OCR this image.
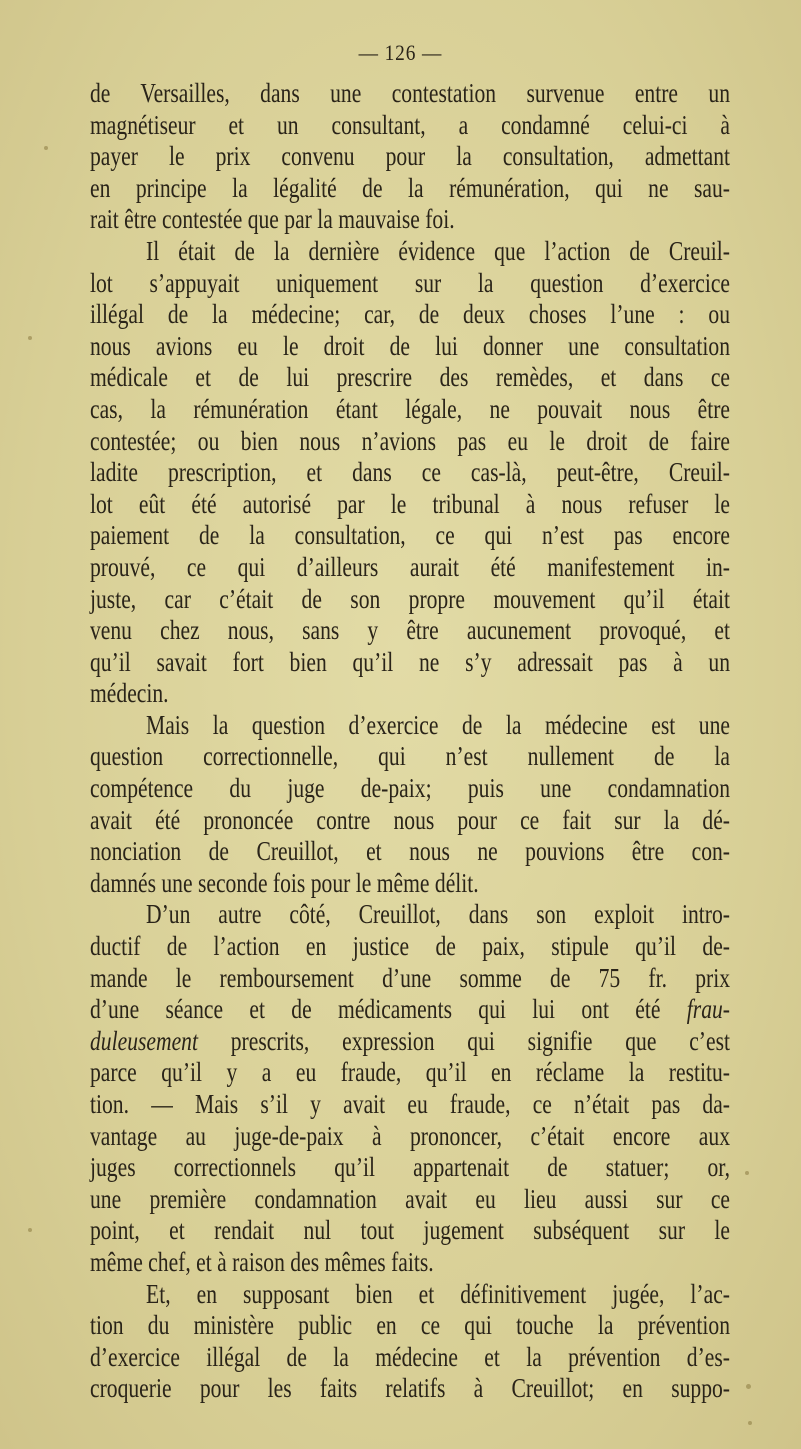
— 126 —
de Versailles, dans une contestation survenue entre un
magnétiseur et un consultant, a condamné celui-ci à
payer le prix convenu pour la consultation, admettant
en principe la légalité de la rémunération, qui ne sau-
rait être contestée que par la mauvaise foi.
Il était de la dernière évidence que l’action de Creuil-
lot s’appuyait uniquement sur la question d’exercice
illégal de la médecine; car, de deux choses l’une : ou
nous avions eu le droit de lui donner une consultation
médicale et de lui prescrire des remèdes, et dans ce
cas, la rémunération étant légale, ne pouvait nous être
contestée; ou bien nous n’avions pas eu le droit de faire
ladite prescription, et dans ce cas-là, peut-être, Creuil-
lot eût été autorisé par le tribunal à nous refuser le
paiement de la consultation, ce qui n’est pas encore
prouvé, ce qui d’ailleurs aurait été manifestement in-
juste, car c’était de son propre mouvement qu’il était
venu chez nous, sans y être aucunement provoqué, et
qu’il savait fort bien qu’il ne s’y adressait pas à un
médecin.
Mais la question d’exercice de la médecine est une
question correctionnelle, qui n’est nullement de la
compétence du juge de-paix; puis une condamnation
avait été prononcée contre nous pour ce fait sur la dé-
nonciation de Creuillot, et nous ne pouvions être con-
damnés une seconde fois pour le même délit.
D’un autre côté, Creuillot, dans son exploit intro-
ductif de l’action en justice de paix, stipule qu’il de-
mande le remboursement d’une somme de 75 fr. prix
d’une séance et de médicaments qui lui ont été frau-
duleusement prescrits, expression qui signifie que c’est
parce qu’il y a eu fraude, qu’il en réclame la restitu-
tion. — Mais s’il y avait eu fraude, ce n’était pas da-
vantage au juge-de-paix à prononcer, c’était encore aux
juges correctionnels qu’il appartenait de statuer; or,
une première condamnation avait eu lieu aussi sur ce
point, et rendait nul tout jugement subséquent sur le
même chef, et à raison des mêmes faits.
Et, en supposant bien et définitivement jugée, l’ac-
tion du ministère public en ce qui touche la prévention
d’exercice illégal de la médecine et la prévention d’es-
croquerie pour les faits relatifs à Creuillot; en suppo-
